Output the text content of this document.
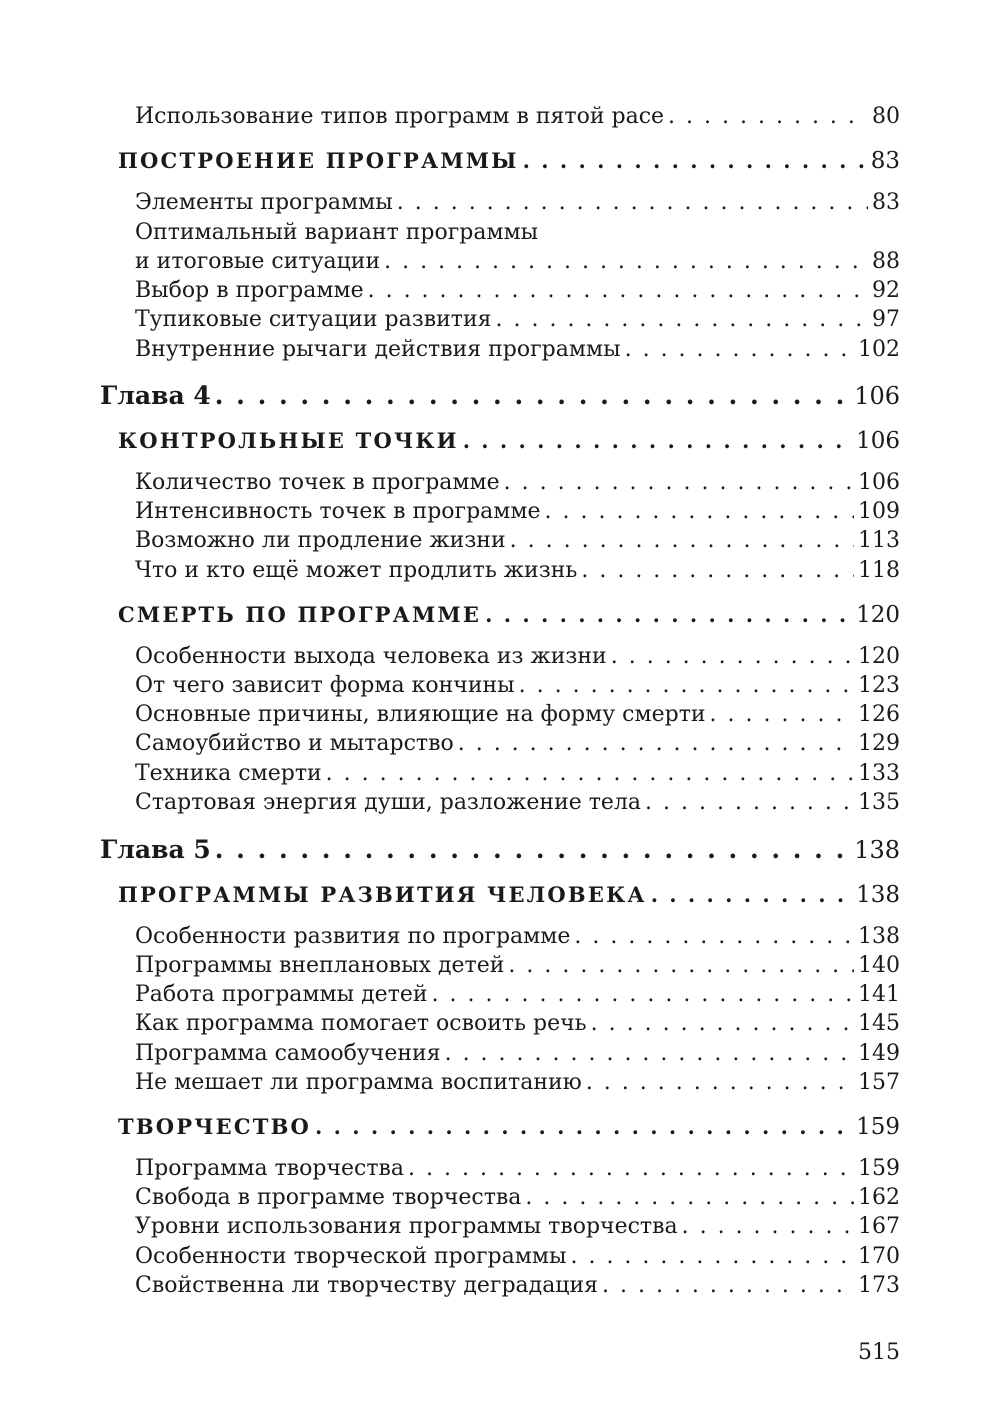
Использование типов программ в пятой расе . . .	80
ПОСТРОЕНИЕ ПРОГРАММЫ . . .	83
Элементы программы . . .	83
Оптимальный вариант программы
и итоговые ситуации . . .	88
Выбор в программе . . .	92
Тупиковые ситуации развития . . .	97
Внутренние рычаги действия программы . . .	102
Глава 4 . . .	106
КОНТРОЛЬНЫЕ ТОЧКИ . . .	106
Количество точек в программе . . .	106
Интенсивность точек в программе . . .	109
Возможно ли продление жизни . . .	113
Что и кто ещё может продлить жизнь . . .	118
СМЕРТЬ ПО ПРОГРАММЕ . . .	120
Особенности выхода человека из жизни . . .	120
От чего зависит форма кончины . . .	123
Основные причины, влияющие на форму смерти . . .	126
Самоубийство и мытарство . . .	129
Техника смерти . . .	133
Стартовая энергия души, разложение тела . . .	135
Глава 5 . . .	138
ПРОГРАММЫ РАЗВИТИЯ ЧЕЛОВЕКА . . .	138
Особенности развития по программе . . .	138
Программы внеплановых детей . . .	140
Работа программы детей . . .	141
Как программа помогает освоить речь . . .	145
Программа самообучения . . .	149
Не мешает ли программа воспитанию . . .	157
ТВОРЧЕСТВО . . .	159
Программа творчества . . .	159
Свобода в программе творчества . . .	162
Уровни использования программы творчества . . .	167
Особенности творческой программы . . .	170
Свойственна ли творчеству деградация . . .	173
515
